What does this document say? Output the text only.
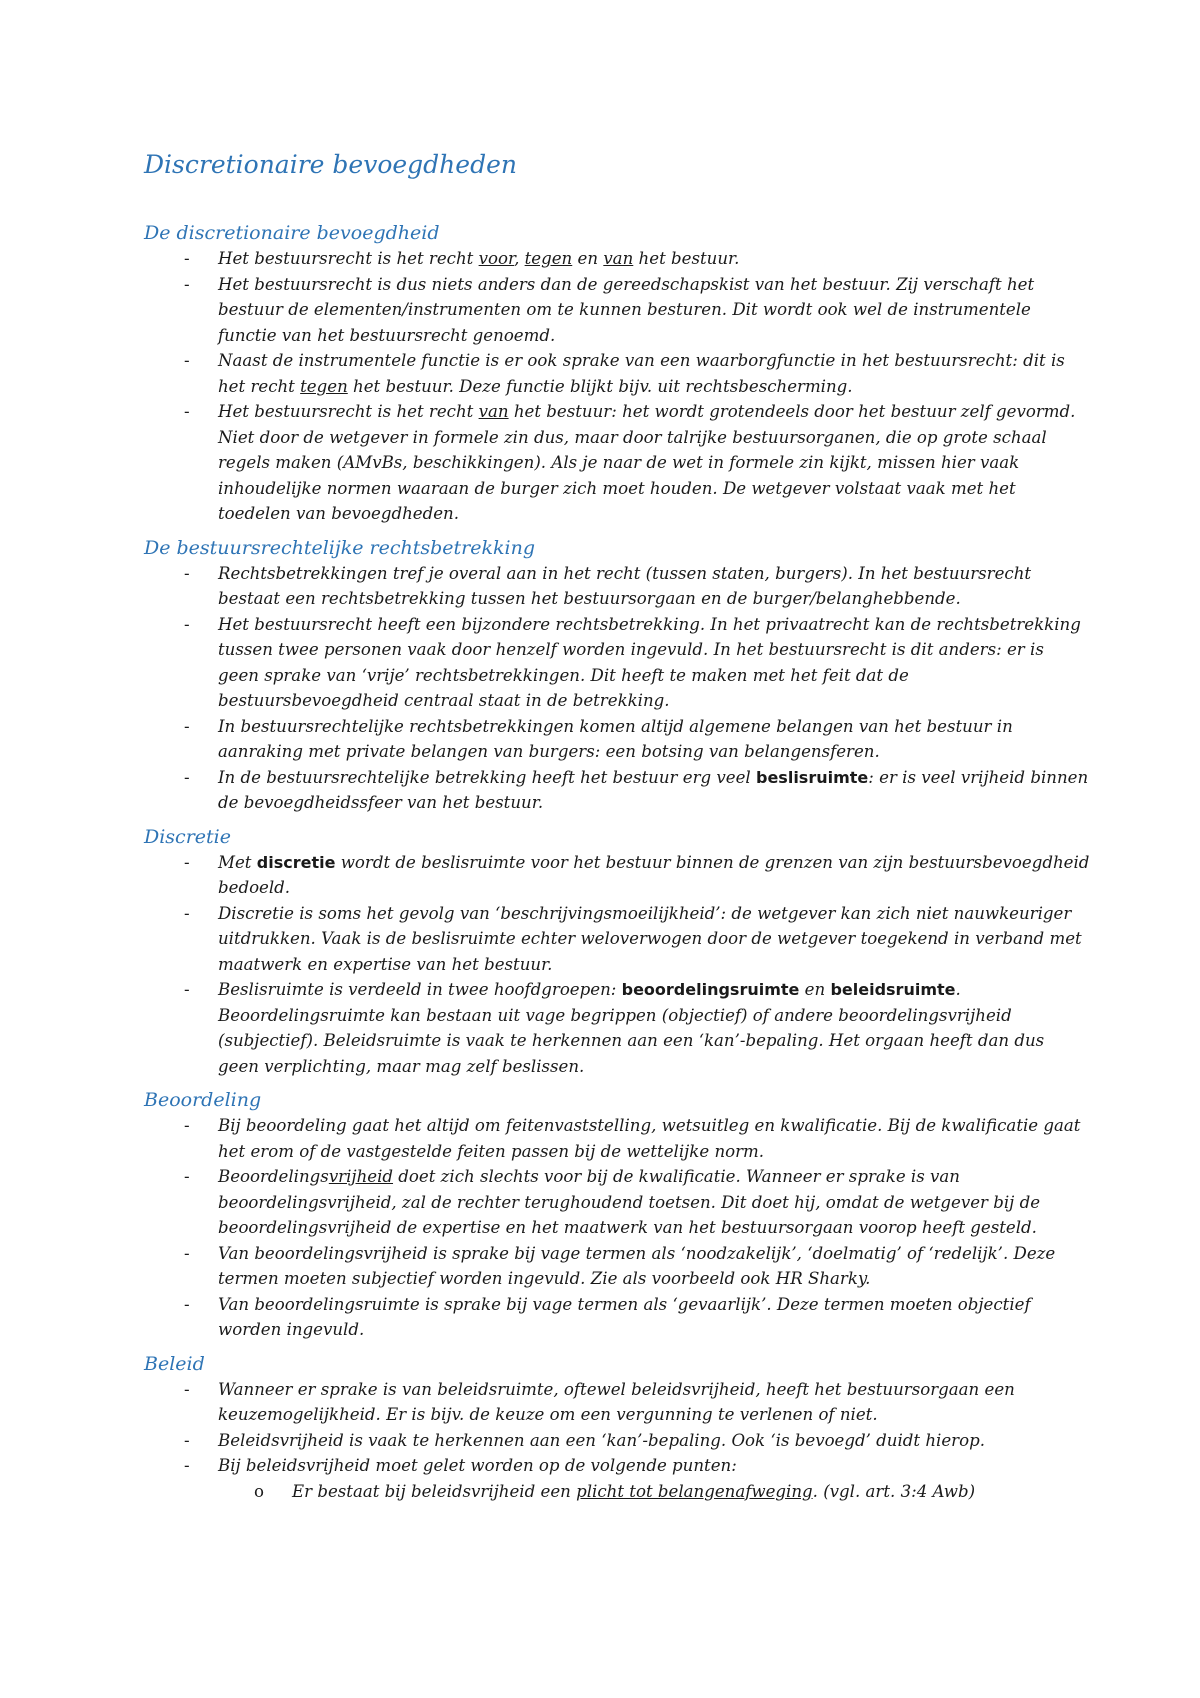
Discretionaire bevoegdheden
De discretionaire bevoegdheid
- Het bestuursrecht is het recht voor, tegen en van het bestuur.
- Het bestuursrecht is dus niets anders dan de gereedschapskist van het bestuur. Zij verschaft het bestuur de elementen/instrumenten om te kunnen besturen. Dit wordt ook wel de instrumentele functie van het bestuursrecht genoemd.
- Naast de instrumentele functie is er ook sprake van een waarborgfunctie in het bestuursrecht: dit is het recht tegen het bestuur. Deze functie blijkt bijv. uit rechtsbescherming.
- Het bestuursrecht is het recht van het bestuur: het wordt grotendeels door het bestuur zelf gevormd. Niet door de wetgever in formele zin dus, maar door talrijke bestuursorganen, die op grote schaal regels maken (AMvBs, beschikkingen). Als je naar de wet in formele zin kijkt, missen hier vaak inhoudelijke normen waaraan de burger zich moet houden. De wetgever volstaat vaak met het toedelen van bevoegdheden.
De bestuursrechtelijke rechtsbetrekking
- Rechtsbetrekkingen tref je overal aan in het recht (tussen staten, burgers). In het bestuursrecht bestaat een rechtsbetrekking tussen het bestuursorgaan en de burger/belanghebbende.
- Het bestuursrecht heeft een bijzondere rechtsbetrekking. In het privaatrecht kan de rechtsbetrekking tussen twee personen vaak door henzelf worden ingevuld. In het bestuursrecht is dit anders: er is geen sprake van ‘vrije’ rechtsbetrekkingen. Dit heeft te maken met het feit dat de bestuursbevoegdheid centraal staat in de betrekking.
- In bestuursrechtelijke rechtsbetrekkingen komen altijd algemene belangen van het bestuur in aanraking met private belangen van burgers: een botsing van belangensferen.
- In de bestuursrechtelijke betrekking heeft het bestuur erg veel beslisruimte: er is veel vrijheid binnen de bevoegdheidssfeer van het bestuur.
Discretie
- Met discretie wordt de beslisruimte voor het bestuur binnen de grenzen van zijn bestuursbevoegdheid bedoeld.
- Discretie is soms het gevolg van ‘beschrijvingsmoeilijkheid’: de wetgever kan zich niet nauwkeuriger uitdrukken. Vaak is de beslisruimte echter weloverwogen door de wetgever toegekend in verband met maatwerk en expertise van het bestuur.
- Beslisruimte is verdeeld in twee hoofdgroepen: beoordelingsruimte en beleidsruimte. Beoordelingsruimte kan bestaan uit vage begrippen (objectief) of andere beoordelingsvrijheid (subjectief). Beleidsruimte is vaak te herkennen aan een ‘kan’-bepaling. Het orgaan heeft dan dus geen verplichting, maar mag zelf beslissen.
Beoordeling
- Bij beoordeling gaat het altijd om feitenvaststelling, wetsuitleg en kwalificatie. Bij de kwalificatie gaat het erom of de vastgestelde feiten passen bij de wettelijke norm.
- Beoordelingsvrijheid doet zich slechts voor bij de kwalificatie. Wanneer er sprake is van beoordelingsvrijheid, zal de rechter terughoudend toetsen. Dit doet hij, omdat de wetgever bij de beoordelingsvrijheid de expertise en het maatwerk van het bestuursorgaan voorop heeft gesteld.
- Van beoordelingsvrijheid is sprake bij vage termen als ‘noodzakelijk’, ‘doelmatig’ of ‘redelijk’. Deze termen moeten subjectief worden ingevuld. Zie als voorbeeld ook HR Sharky.
- Van beoordelingsruimte is sprake bij vage termen als ‘gevaarlijk’. Deze termen moeten objectief worden ingevuld.
Beleid
- Wanneer er sprake is van beleidsruimte, oftewel beleidsvrijheid, heeft het bestuursorgaan een keuzemogelijkheid. Er is bijv. de keuze om een vergunning te verlenen of niet.
- Beleidsvrijheid is vaak te herkennen aan een ‘kan’-bepaling. Ook ‘is bevoegd’ duidt hierop.
- Bij beleidsvrijheid moet gelet worden op de volgende punten:
o Er bestaat bij beleidsvrijheid een plicht tot belangenafweging. (vgl. art. 3:4 Awb)
